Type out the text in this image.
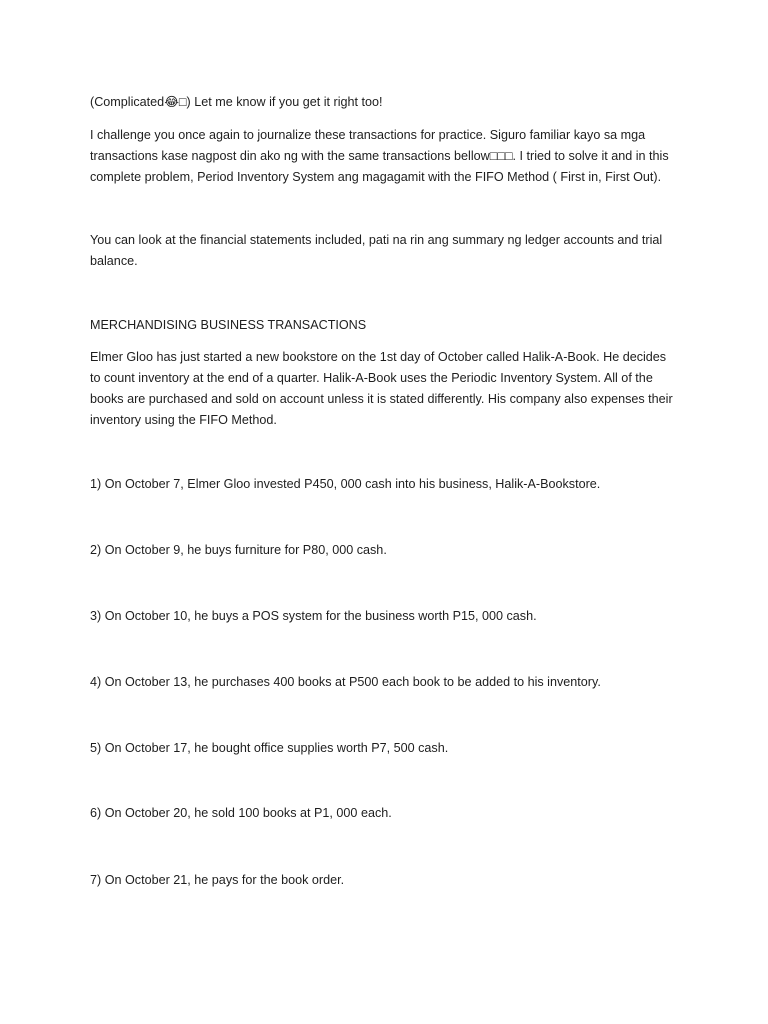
(Complicated😂□) Let me know if you get it right too!

I challenge you once again to journalize these transactions for practice. Siguro familiar kayo sa mga
transactions kase nagpost din ako ng with the same transactions bellow□□□. I tried to solve it and in this
complete problem, Period Inventory System ang magagamit with the FIFO Method ( First in, First Out).

You can look at the financial statements included, pati na rin ang summary ng ledger accounts and trial
balance.

MERCHANDISING BUSINESS TRANSACTIONS

Elmer Gloo has just started a new bookstore on the 1st day of October called Halik-A-Book. He decides
to count inventory at the end of a quarter. Halik-A-Book uses the Periodic Inventory System. All of the
books are purchased and sold on account unless it is stated differently. His company also expenses their
inventory using the FIFO Method.

1) On October 7, Elmer Gloo invested P450, 000 cash into his business, Halik-A-Bookstore.

2) On October 9, he buys furniture for P80, 000 cash.

3) On October 10, he buys a POS system for the business worth P15, 000 cash.

4) On October 13, he purchases 400 books at P500 each book to be added to his inventory.

5) On October 17, he bought office supplies worth P7, 500 cash.

6) On October 20, he sold 100 books at P1, 000 each.

7) On October 21, he pays for the book order.
